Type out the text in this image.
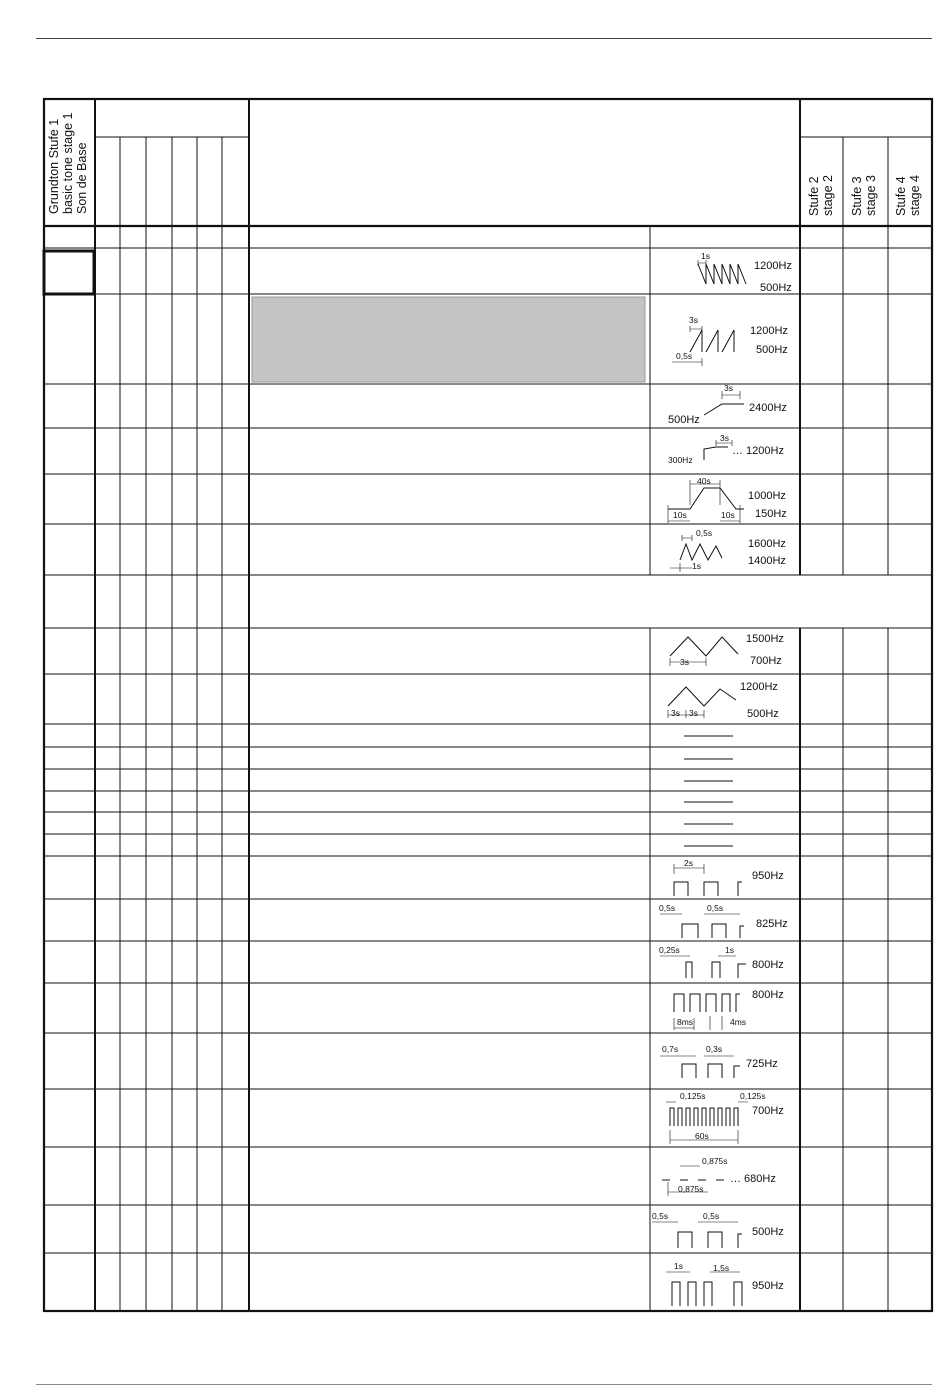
Grundton Stufe 1 basic tone stage 1 Son de Base	Stufe 2 stage 2 Stufe 3 stage 3 Stufe 4 stage 4
1s
1200Hz
500Hz
3s
0,5s
1200Hz
500Hz
3s
500Hz
2400Hz
3s
300Hz
… 1200Hz
40s
10s	10s
1000Hz
150Hz
0,5s
1s
1600Hz
1400Hz
3s
1500Hz
700Hz
3s 3s
1200Hz
500Hz
2s
950Hz
0,5s	0,5s
825Hz
0,25s	1s
800Hz
8ms	4ms
800Hz
0,7s	0,3s
725Hz
0,125s	0,125s
60s
700Hz
0,875s
0,875s
… 680Hz
0,5s	0,5s
500Hz
1s	1,5s
950Hz
